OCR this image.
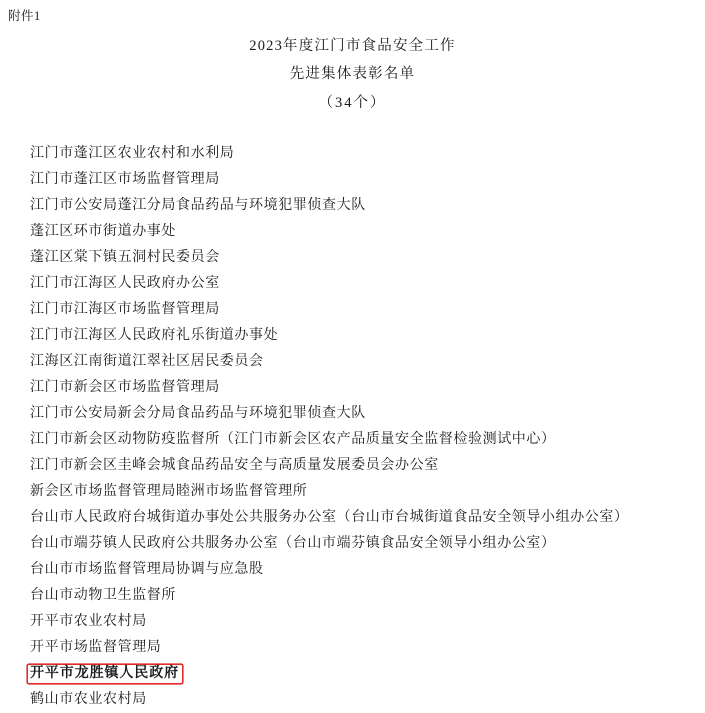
附件1
2023年度江门市食品安全工作
先进集体表彰名单
（34个）
江门市蓬江区农业农村和水利局
江门市蓬江区市场监督管理局
江门市公安局蓬江分局食品药品与环境犯罪侦查大队
蓬江区环市街道办事处
蓬江区棠下镇五洞村民委员会
江门市江海区人民政府办公室
江门市江海区市场监督管理局
江门市江海区人民政府礼乐街道办事处
江海区江南街道江翠社区居民委员会
江门市新会区市场监督管理局
江门市公安局新会分局食品药品与环境犯罪侦查大队
江门市新会区动物防疫监督所（江门市新会区农产品质量安全监督检验测试中心）
江门市新会区圭峰会城食品药品安全与高质量发展委员会办公室
新会区市场监督管理局睦洲市场监督管理所
台山市人民政府台城街道办事处公共服务办公室（台山市台城街道食品安全领导小组办公室）
台山市端芬镇人民政府公共服务办公室（台山市端芬镇食品安全领导小组办公室）
台山市市场监督管理局协调与应急股
台山市动物卫生监督所
开平市农业农村局
开平市场监督管理局
开平市龙胜镇人民政府
鹤山市农业农村局
